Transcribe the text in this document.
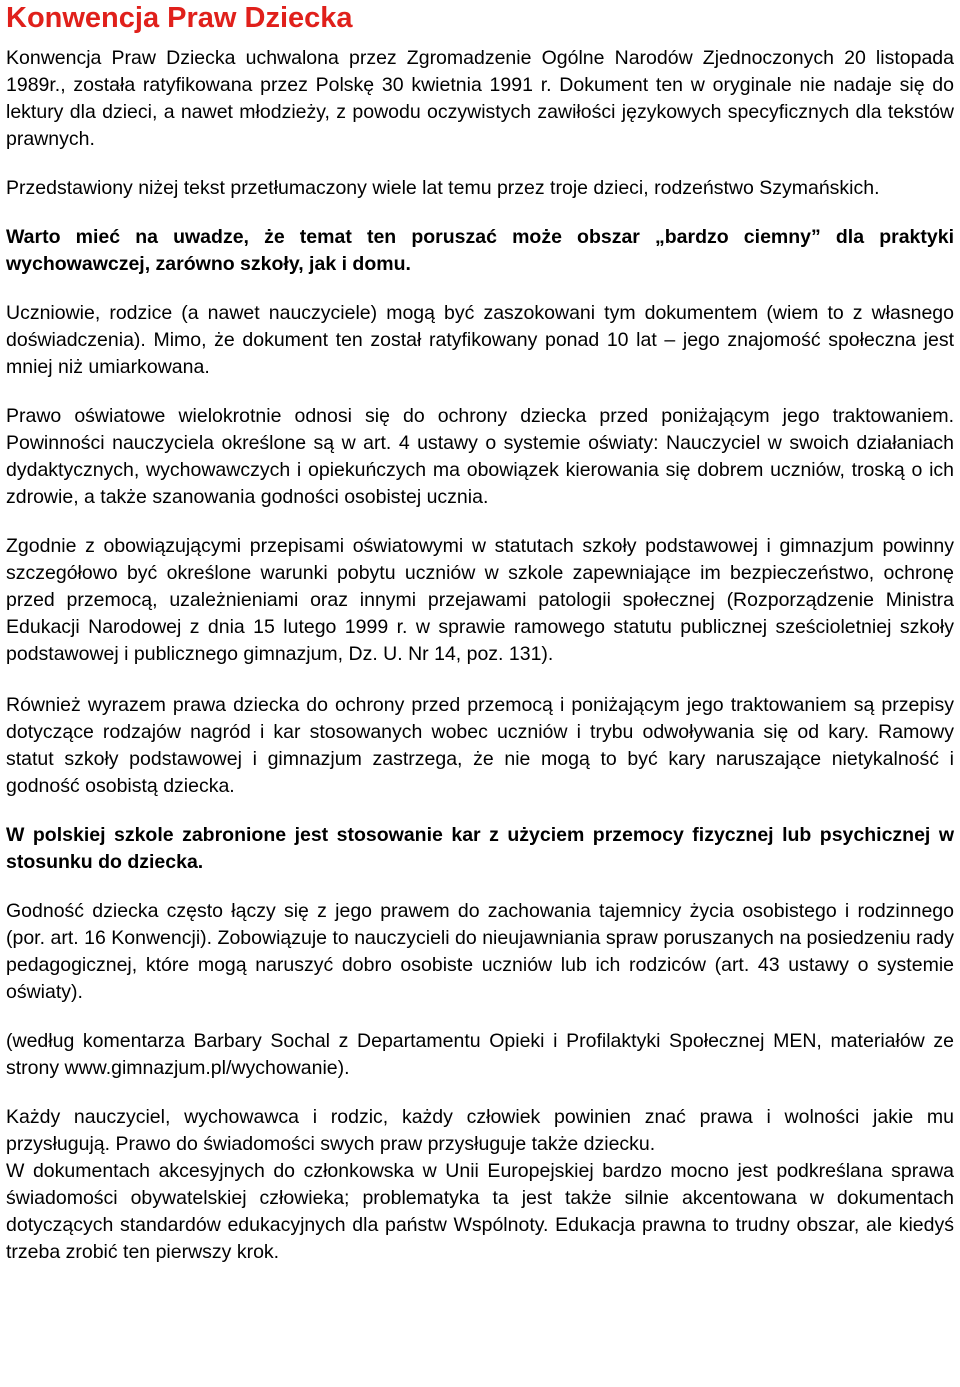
Konwencja Praw Dziecka

Konwencja Praw Dziecka uchwalona przez Zgromadzenie Ogólne Narodów Zjednoczonych 20 listopada 1989r., została ratyfikowana przez Polskę 30 kwietnia 1991 r. Dokument ten w oryginale nie nadaje się do lektury dla dzieci, a nawet młodzieży, z powodu oczywistych zawiłości językowych specyficznych dla tekstów prawnych.

Przedstawiony niżej tekst przetłumaczony wiele lat temu przez troje dzieci, rodzeństwo Szymańskich.

Warto mieć na uwadze, że temat ten poruszać może obszar „bardzo ciemny” dla praktyki wychowawczej, zarówno szkoły, jak i domu.

Uczniowie, rodzice (a nawet nauczyciele) mogą być zaszokowani tym dokumentem (wiem to z własnego doświadczenia). Mimo, że dokument ten został ratyfikowany ponad 10 lat – jego znajomość społeczna jest mniej niż umiarkowana.

Prawo oświatowe wielokrotnie odnosi się do ochrony dziecka przed poniżającym jego traktowaniem. Powinności nauczyciela określone są w art. 4 ustawy o systemie oświaty: Nauczyciel w swoich działaniach dydaktycznych, wychowawczych i opiekuńczych ma obowiązek kierowania się dobrem uczniów, troską o ich zdrowie, a także szanowania godności osobistej ucznia.

Zgodnie z obowiązującymi przepisami oświatowymi w statutach szkoły podstawowej i gimnazjum powinny szczegółowo być określone warunki pobytu uczniów w szkole zapewniające im bezpieczeństwo, ochronę przed przemocą, uzależnieniami oraz innymi przejawami patologii społecznej (Rozporządzenie Ministra Edukacji Narodowej z dnia 15 lutego 1999 r. w sprawie ramowego statutu publicznej sześcioletniej szkoły podstawowej i publicznego gimnazjum, Dz. U. Nr 14, poz. 131).

Również wyrazem prawa dziecka do ochrony przed przemocą i poniżającym jego traktowaniem są przepisy dotyczące rodzajów nagród i kar stosowanych wobec uczniów i trybu odwoływania się od kary. Ramowy statut szkoły podstawowej i gimnazjum zastrzega, że nie mogą to być kary naruszające nietykalność i godność osobistą dziecka.

W polskiej szkole zabronione jest stosowanie kar z użyciem przemocy fizycznej lub psychicznej w stosunku do dziecka.

Godność dziecka często łączy się z jego prawem do zachowania tajemnicy życia osobistego i rodzinnego (por. art. 16 Konwencji). Zobowiązuje to nauczycieli do nieujawniania spraw poruszanych na posiedzeniu rady pedagogicznej, które mogą naruszyć dobro osobiste uczniów lub ich rodziców (art. 43 ustawy o systemie oświaty).

(według komentarza Barbary Sochal z Departamentu Opieki i Profilaktyki Społecznej MEN, materiałów ze strony www.gimnazjum.pl/wychowanie).

Każdy nauczyciel, wychowawca i rodzic, każdy człowiek powinien znać prawa i wolności jakie mu przysługują. Prawo do świadomości swych praw przysługuje także dziecku.

W dokumentach akcesyjnych do członkowska w Unii Europejskiej bardzo mocno jest podkreślana sprawa świadomości obywatelskiej człowieka; problematyka ta jest także silnie akcentowana w dokumentach dotyczących standardów edukacyjnych dla państw Wspólnoty. Edukacja prawna to trudny obszar, ale kiedyś trzeba zrobić ten pierwszy krok.
